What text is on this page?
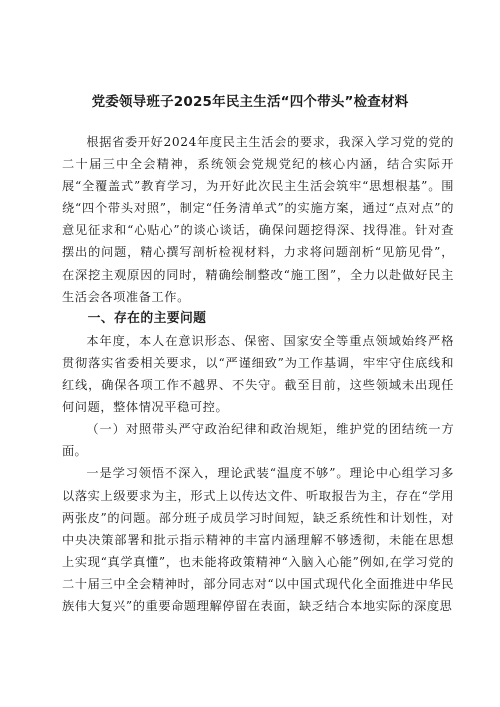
党委领导班子2025年民主生活“四个带头”检查材料

根据省委开好2024年度民主生活会的要求，我深入学习党的党的二十届三中全会精神，系统领会党规党纪的核心内涵，结合实际开展“全覆盖式”教育学习，为开好此次民主生活会筑牢“思想根基”。围绕“四个带头对照”，制定“任务清单式”的实施方案，通过“点对点”的意见征求和“心贴心”的谈心谈话，确保问题挖得深、找得准。针对查摆出的问题，精心撰写剖析检视材料，力求将问题剖析“见筋见骨”，在深挖主观原因的同时，精确绘制整改“施工图”，全力以赴做好民主生活会各项准备工作。

一、存在的主要问题

本年度，本人在意识形态、保密、国家安全等重点领域始终严格贯彻落实省委相关要求，以“严谨细致”为工作基调，牢牢守住底线和红线，确保各项工作不越界、不失守。截至目前，这些领域未出现任何问题，整体情况平稳可控。

（一）对照带头严守政治纪律和政治规矩，维护党的团结统一方面。

一是学习领悟不深入，理论武装“温度不够”。理论中心组学习多以落实上级要求为主，形式上以传达文件、听取报告为主，存在“学用两张皮”的问题。部分班子成员学习时间短，缺乏系统性和计划性，对中央决策部署和批示指示精神的丰富内涵理解不够透彻，未能在思想上实现“真学真懂”，也未能将政策精神“入脑入心能”例如,在学习党的二十届三中全会精神时，部分同志对“以中国式现代化全面推进中华民族伟大复兴”的重要命题理解停留在表面，缺乏结合本地实际的深度思
